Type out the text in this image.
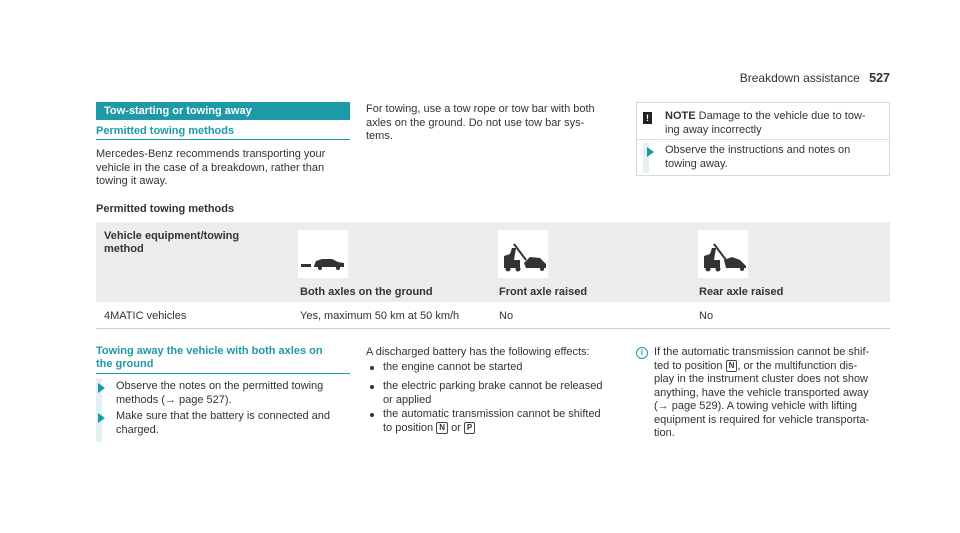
Breakdown assistance 527
Tow-starting or towing away
Permitted towing methods
Mercedes-Benz recommends transporting your
vehicle in the case of a breakdown, rather than
towing it away.
For towing, use a tow rope or tow bar with both
axles on the ground. Do not use tow bar sys-
tems.
! NOTE Damage to the vehicle due to tow-
ing away incorrectly
Observe the instructions and notes on
towing away.
Permitted towing methods
Vehicle equipment/towing
method
Both axles on the ground	Front axle raised	Rear axle raised
4MATIC vehicles	Yes, maximum 50 km at 50 km/h	No	No
Towing away the vehicle with both axles on
the ground
Observe the notes on the permitted towing
methods (→ page 527).
Make sure that the battery is connected and
charged.
A discharged battery has the following effects:
the engine cannot be started
the electric parking brake cannot be released
or applied
the automatic transmission cannot be shifted
to position N or P
i If the automatic transmission cannot be shif-
ted to position N , or the multifunction dis-
play in the instrument cluster does not show
anything, have the vehicle transported away
(→ page 529). A towing vehicle with lifting
equipment is required for vehicle transporta-
tion.
